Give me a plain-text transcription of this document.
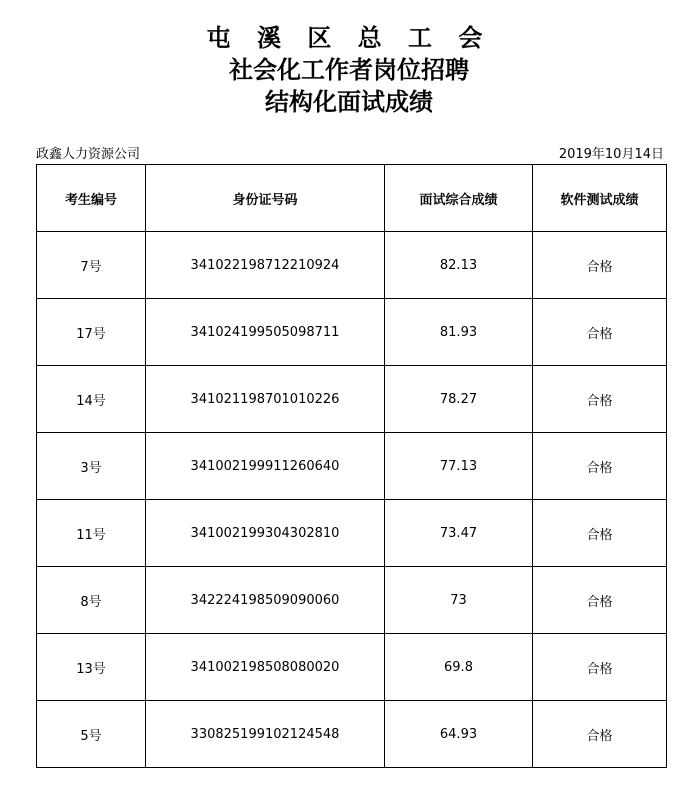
屯 溪 区 总 工 会
社会化工作者岗位招聘
结构化面试成绩
政鑫人力资源公司	2019年10月14日
考生编号	身份证号码	面试综合成绩	软件测试成绩
7号	341022198712210924	82.13	合格
17号	341024199505098711	81.93	合格
14号	341021198701010226	78.27	合格
3号	341002199911260640	77.13	合格
11号	341002199304302810	73.47	合格
8号	342224198509090060	73	合格
13号	341002198508080020	69.8	合格
5号	330825199102124548	64.93	合格
